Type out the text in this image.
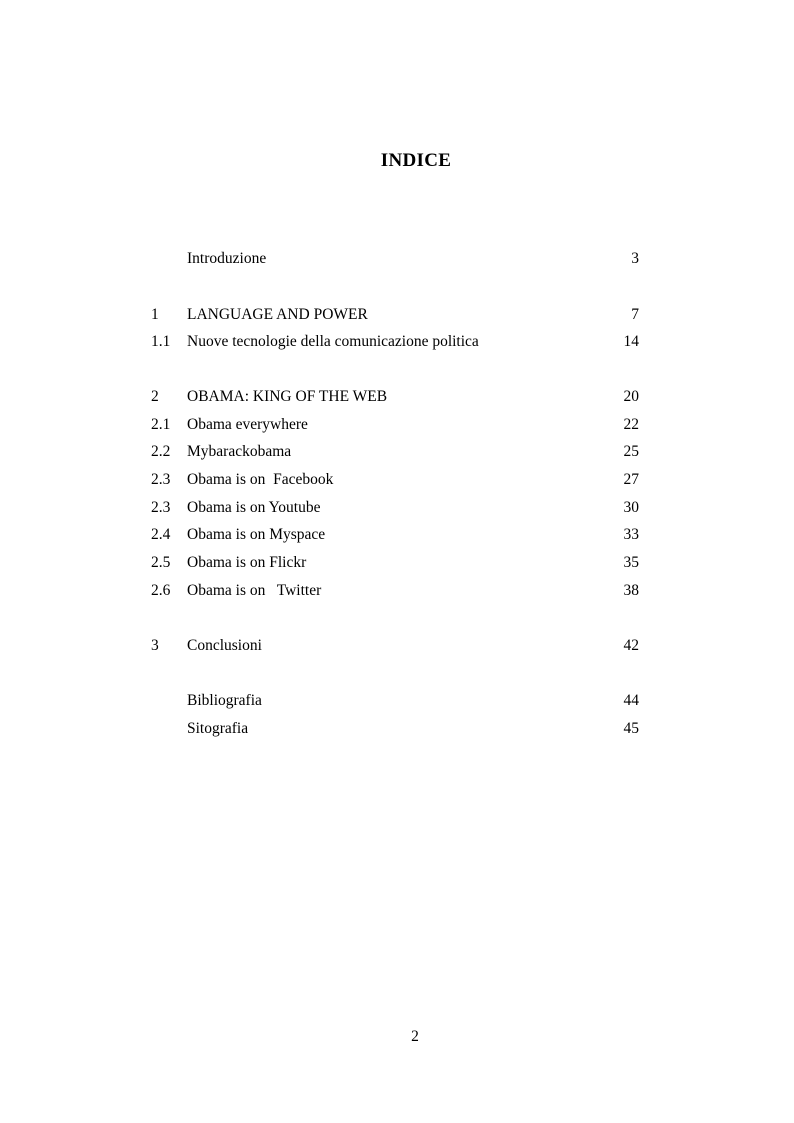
INDICE
Introduzione	3
1 LANGUAGE AND POWER	7
1.1 Nuove tecnologie della comunicazione politica	14
2 OBAMA: KING OF THE WEB	20
2.1 Obama everywhere	22
2.2 Mybarackobama	25
2.3 Obama is on  Facebook	27
2.3 Obama is on Youtube	30
2.4 Obama is on Myspace	33
2.5 Obama is on Flickr	35
2.6 Obama is on   Twitter	38
3 Conclusioni	42
Bibliografia	44
Sitografia	45
2
